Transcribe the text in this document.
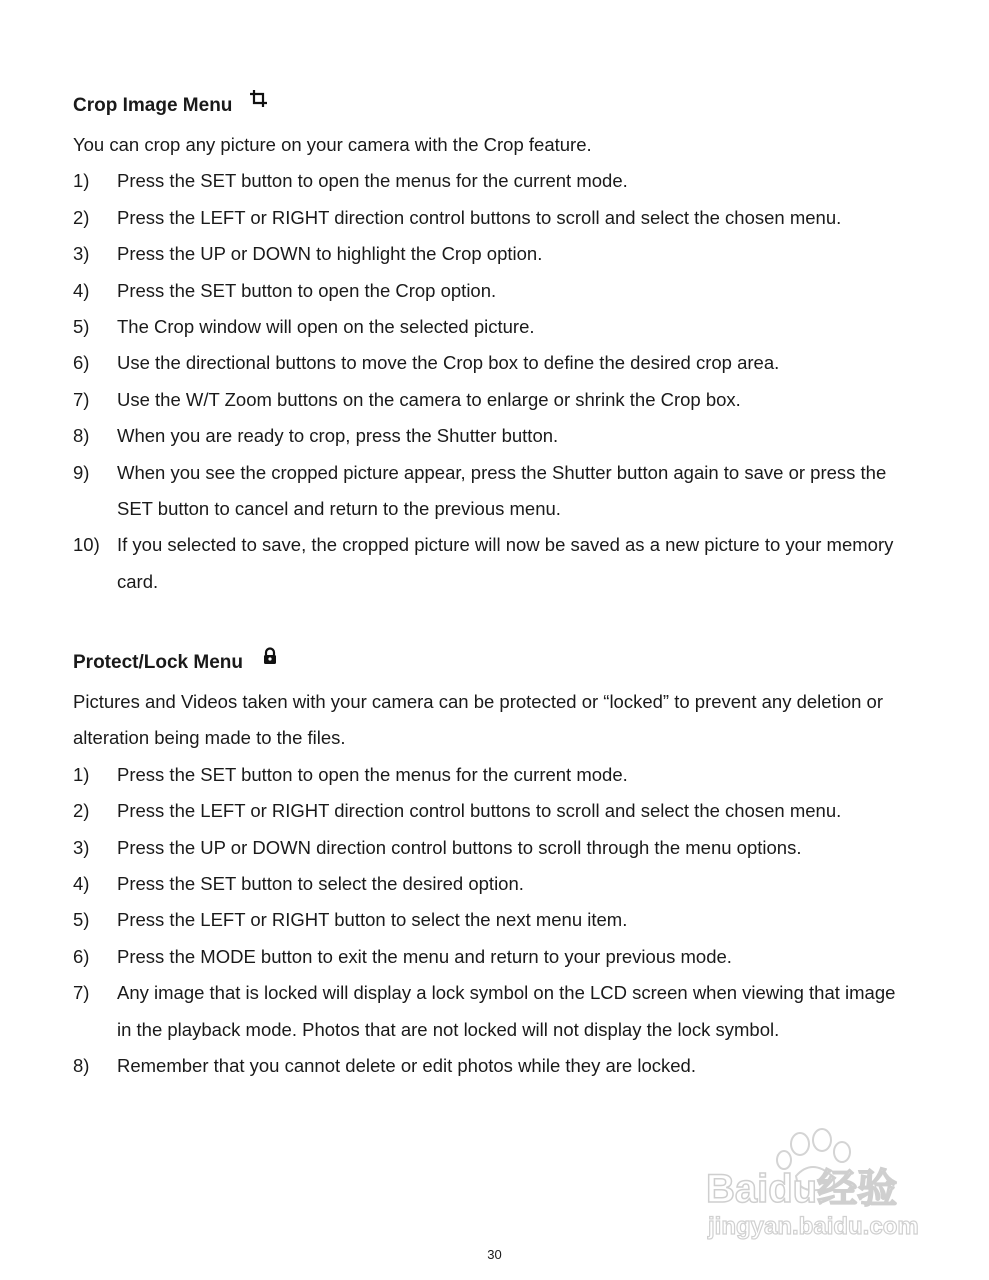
Crop Image Menu

You can crop any picture on your camera with the Crop feature.

1)	Press the SET button to open the menus for the current mode.
2)	Press the LEFT or RIGHT direction control buttons to scroll and select the chosen menu.
3)	Press the UP or DOWN to highlight the Crop option.
4)	Press the SET button to open the Crop option.
5)	The Crop window will open on the selected picture.
6)	Use the directional buttons to move the Crop box to define the desired crop area.
7)	Use the W/T Zoom buttons on the camera to enlarge or shrink the Crop box.
8)	When you are ready to crop, press the Shutter button.
9)	When you see the cropped picture appear, press the Shutter button again to save or press the SET button to cancel and return to the previous menu.
10) If you selected to save, the cropped picture will now be saved as a new picture to your memory card.
Protect/Lock Menu

Pictures and Videos taken with your camera can be protected or “locked” to prevent any deletion or alteration being made to the files.

1)	Press the SET button to open the menus for the current mode.
2)	Press the LEFT or RIGHT direction control buttons to scroll and select the chosen menu.
3)	Press the UP or DOWN direction control buttons to scroll through the menu options.
4)	Press the SET button to select the desired option.
5)	Press the LEFT or RIGHT button to select the next menu item.
6)	Press the MODE button to exit the menu and return to your previous mode.
7)	Any image that is locked will display a lock symbol on the LCD screen when viewing that image in the playback mode. Photos that are not locked will not display the lock symbol.
8)	Remember that you cannot delete or edit photos while they are locked.
Baidu经验
jingyan.baidu.com
30
